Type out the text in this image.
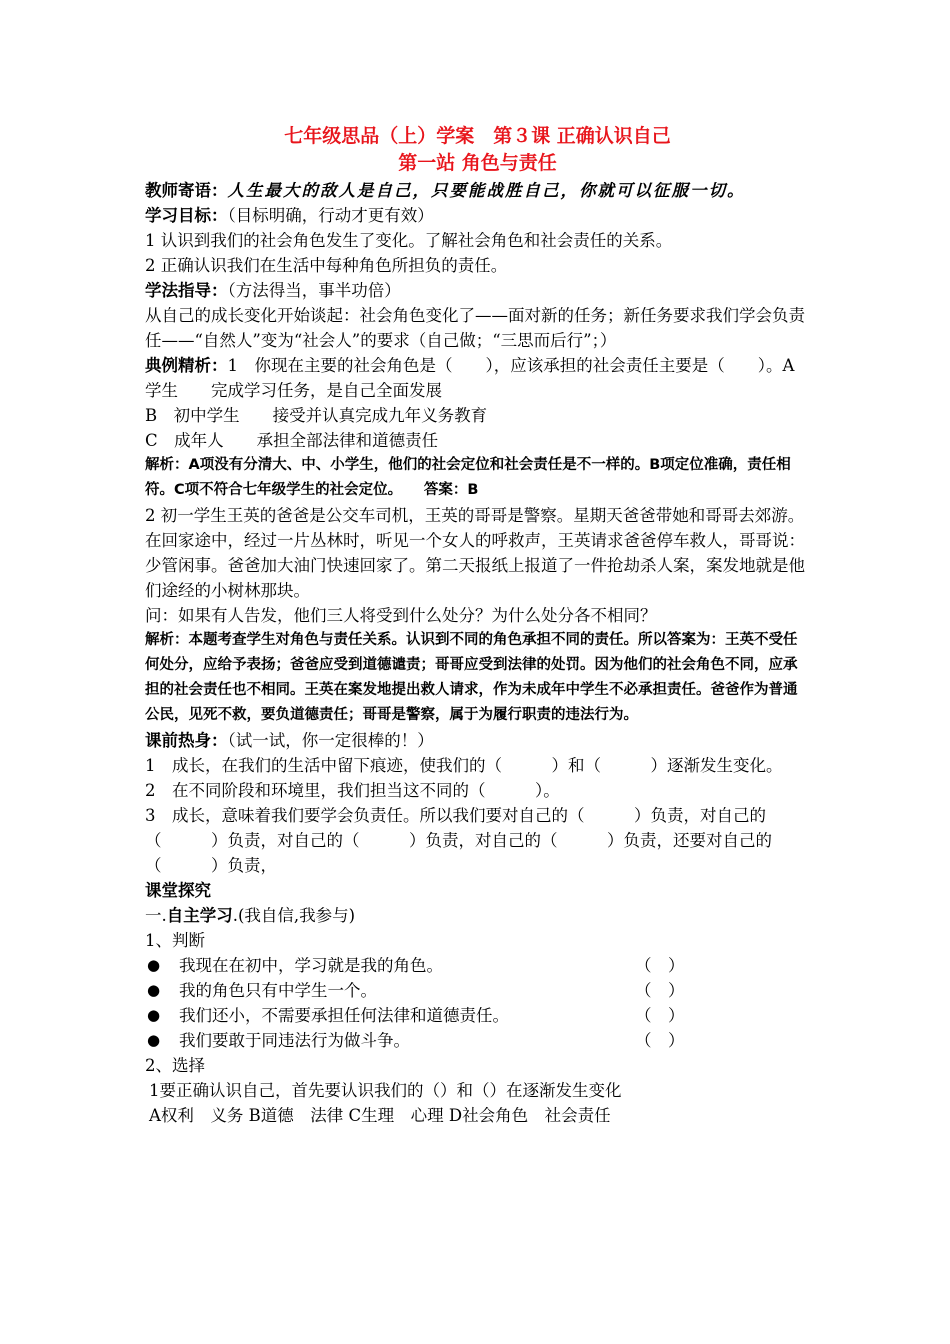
七年级思品（上）学案　第３课 正确认识自己
第一站 角色与责任

教师寄语：人生最大的敌人是自己，只要能战胜自己，你就可以征服一切。

学习目标：（目标明确，行动才更有效）

1 认识到我们的社会角色发生了变化。了解社会角色和社会责任的关系。

2 正确认识我们在生活中每种角色所担负的责任。

学法指导：（方法得当，事半功倍）

从自己的成长变化开始谈起：社会角色变化了——面对新的任务；新任务要求我们学会负责任——“自然人”变为“社会人”的要求（自己做；“三思而后行”；）

典例精析：1　你现在主要的社会角色是（　　），应该承担的社会责任主要是（　　）。A　学生　　完成学习任务，是自己全面发展

B　初中学生　　接受并认真完成九年义务教育

C　成年人　　承担全部法律和道德责任

解析：A项没有分清大、中、小学生，他们的社会定位和社会责任是不一样的。B项定位准确，责任相符。C项不符合七年级学生的社会定位。　　答案：B

2 初一学生王英的爸爸是公交车司机，王英的哥哥是警察。星期天爸爸带她和哥哥去郊游。在回家途中，经过一片丛林时，听见一个女人的呼救声，王英请求爸爸停车救人，哥哥说：少管闲事。爸爸加大油门快速回家了。第二天报纸上报道了一件抢劫杀人案，案发地就是他们途经的小树林那块。

问：如果有人告发，他们三人将受到什么处分？为什么处分各不相同？

解析：本题考查学生对角色与责任关系。认识到不同的角色承担不同的责任。所以答案为：王英不受任何处分，应给予表扬；爸爸应受到道德谴责；哥哥应受到法律的处罚。因为他们的社会角色不同，应承担的社会责任也不相同。王英在案发地提出救人请求，作为未成年中学生不必承担责任。爸爸作为普通公民，见死不救，要负道德责任；哥哥是警察，属于为履行职责的违法行为。

课前热身：（试一试，你一定很棒的！）

1　成长，在我们的生活中留下痕迹，使我们的（　　　）和（　　　）逐渐发生变化。

2　在不同阶段和环境里，我们担当这不同的（　　　）。

3　成长，意味着我们要学会负责任。所以我们要对自己的（　　　）负责，对自己的（　　　）负责，对自己的（　　　）负责，对自己的（　　　）负责，还要对自己的（　　　）负责，

课堂探究

一.自主学习.(我自信,我参与)

1、判断

●	我现在在初中，学习就是我的角色。	（　）
●	我的角色只有中学生一个。	（　）
●	我们还小，不需要承担任何法律和道德责任。	（　）
●	我们要敢于同违法行为做斗争。	（　）

2、选择

1要正确认识自己，首先要认识我们的（）和（）在逐渐发生变化

A权利　义务 B道德　法律 C生理　心理 D社会角色　社会责任
